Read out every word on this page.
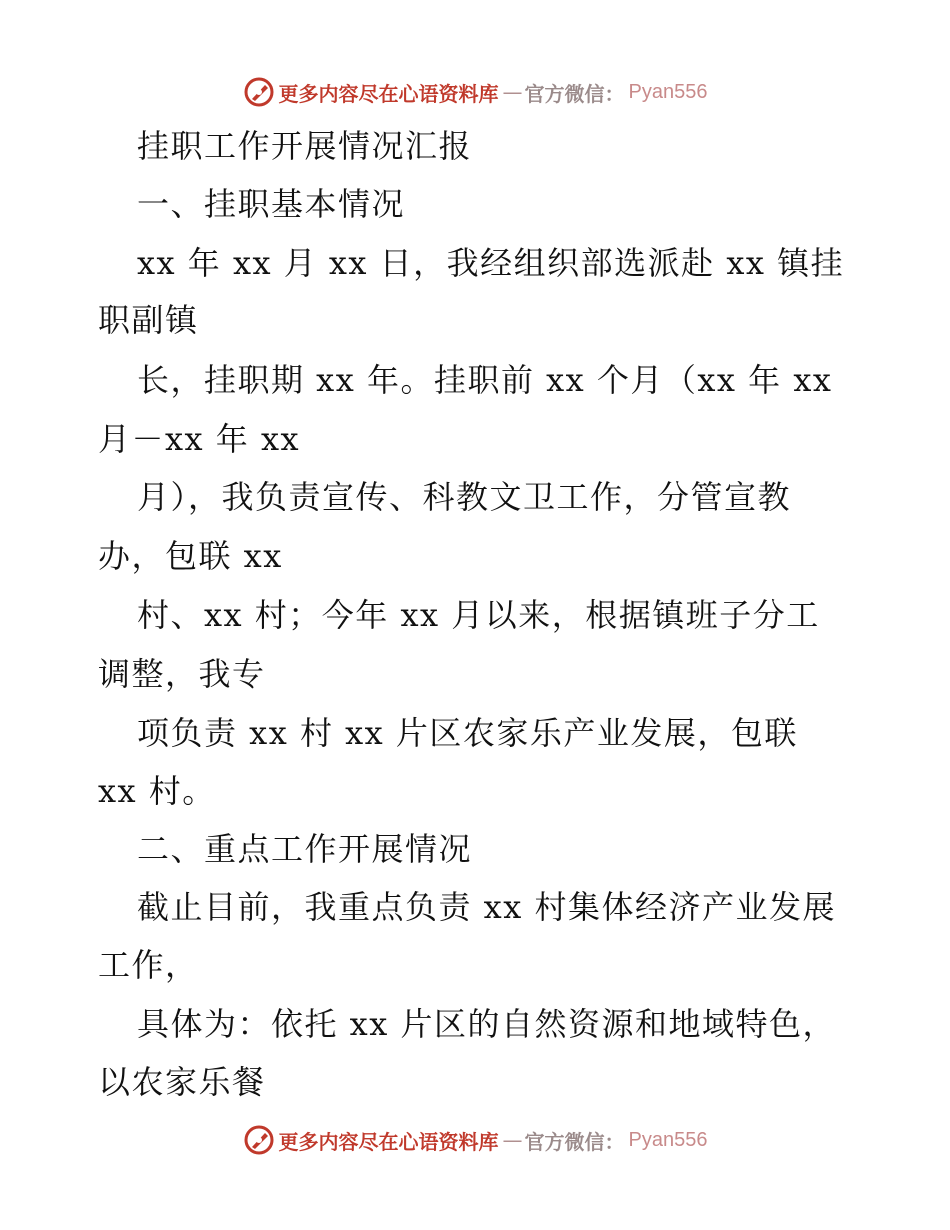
更多内容尽在心语资料库 — 官方微信： Pyan556
挂职工作开展情况汇报
一、挂职基本情况
xx 年 xx 月 xx 日，我经组织部选派赴 xx 镇挂
职副镇
长，挂职期 xx 年。挂职前 xx 个月（xx 年 xx
月－xx 年 xx
月），我负责宣传、科教文卫工作，分管宣教
办，包联 xx
村、xx 村；今年 xx 月以来，根据镇班子分工
调整，我专
项负责 xx 村 xx 片区农家乐产业发展，包联
xx 村。
二、重点工作开展情况
截止目前，我重点负责 xx 村集体经济产业发展
工作，
具体为：依托 xx 片区的自然资源和地域特色，
以农家乐餐
更多内容尽在心语资料库 — 官方微信： Pyan556
